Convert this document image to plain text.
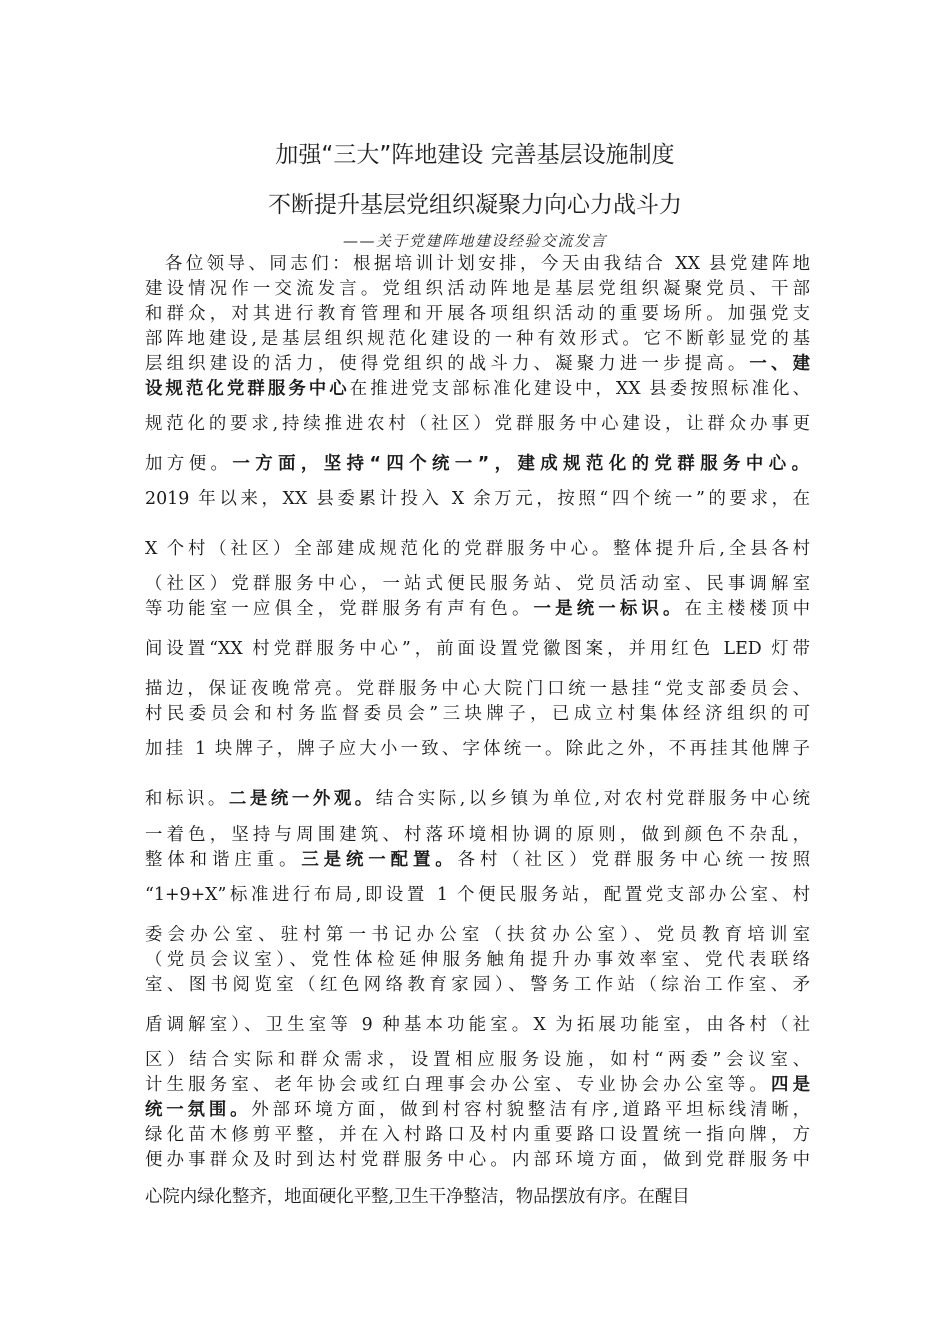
加强“三大”阵地建设 完善基层设施制度
不断提升基层党组织凝聚力向心力战斗力
——关于党建阵地建设经验交流发言
各位领导、同志们：根据培训计划安排，今天由我结合 XX 县党建阵地
建设情况作一交流发言。党组织活动阵地是基层党组织凝聚党员、干部
和群众，对其进行教育管理和开展各项组织活动的重要场所。加强党支
部阵地建设,是基层组织规范化建设的一种有效形式。它不断彰显党的基
层组织建设的活力，使得党组织的战斗力、凝聚力进一步提高。一、建
设规范化党群服务中心在推进党支部标准化建设中，XX 县委按照标准化、
规范化的要求,持续推进农村（社区）党群服务中心建设，让群众办事更
加方便。一方面，坚持“四个统一”，建成规范化的党群服务中心。
2019 年以来，XX 县委累计投入 X 余万元，按照“四个统一”的要求，在
X 个村（社区）全部建成规范化的党群服务中心。整体提升后,全县各村
（社区）党群服务中心，一站式便民服务站、党员活动室、民事调解室
等功能室一应俱全，党群服务有声有色。一是统一标识。在主楼楼顶中
间设置“XX 村党群服务中心”，前面设置党徽图案，并用红色 LED 灯带
描边，保证夜晚常亮。党群服务中心大院门口统一悬挂“党支部委员会、
村民委员会和村务监督委员会”三块牌子，已成立村集体经济组织的可
加挂 1 块牌子，牌子应大小一致、字体统一。除此之外，不再挂其他牌子
和标识。二是统一外观。结合实际,以乡镇为单位,对农村党群服务中心统
一着色，坚持与周围建筑、村落环境相协调的原则，做到颜色不杂乱，
整体和谐庄重。三是统一配置。各村（社区）党群服务中心统一按照
“1+9+X”标准进行布局,即设置 1 个便民服务站，配置党支部办公室、村
委会办公室、驻村第一书记办公室（扶贫办公室）、党员教育培训室
（党员会议室）、党性体检延伸服务触角提升办事效率室、党代表联络
室、图书阅览室（红色网络教育家园）、警务工作站（综治工作室、矛
盾调解室）、卫生室等 9 种基本功能室。X 为拓展功能室，由各村（社
区）结合实际和群众需求，设置相应服务设施，如村“两委”会议室、
计生服务室、老年协会或红白理事会办公室、专业协会办公室等。四是
统一氛围。外部环境方面，做到村容村貌整洁有序,道路平坦标线清晰，
绿化苗木修剪平整，并在入村路口及村内重要路口设置统一指向牌，方
便办事群众及时到达村党群服务中心。内部环境方面，做到党群服务中
心院内绿化整齐，地面硬化平整,卫生干净整洁，物品摆放有序。在醒目
